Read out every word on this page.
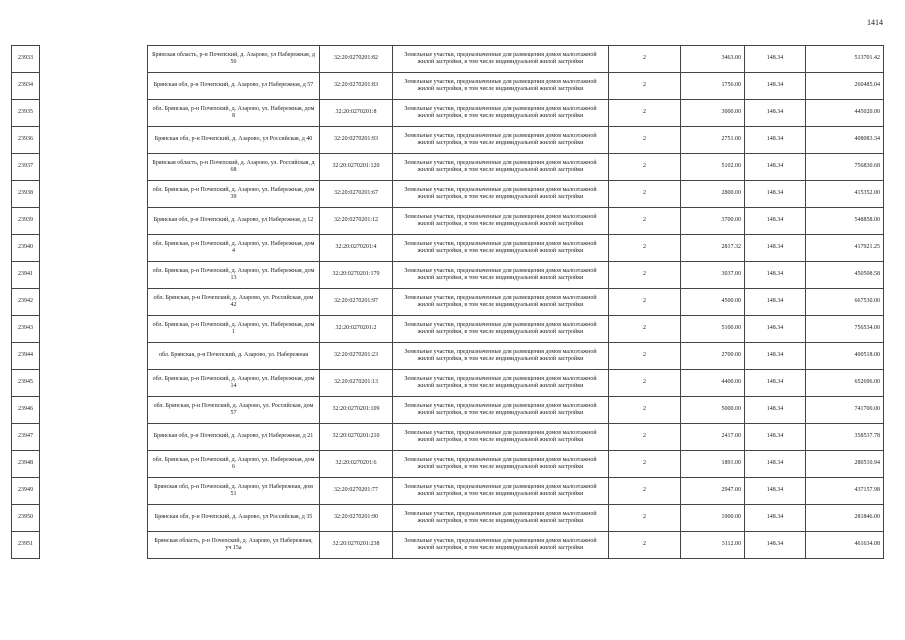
1414
23933		Брянская область, р-н Почепский, д. Азарово, ул Набережная, д 56	32:20:0270201:82	Земельные участки, предназначенные для размещения домов малоэтажной жилой застройки, в том числе индивидуальной жилой застройки	2	3463.00	148.34	513701.42
23934		Брянская обл, р-н Почепский, д. Азарово, ул Набережная, д 57	32:20:0270201:83	Земельные участки, предназначенные для размещения домов малоэтажной жилой застройки, в том числе индивидуальной жилой застройки	2	1756.00	148.34	260485.04
23935		обл. Брянская, р-н Почепский, д. Азарово, ул. Набережная, дом 8	32:20:0270201:8	Земельные участки, предназначенные для размещения домов малоэтажной жилой застройки, в том числе индивидуальной жилой застройки	2	3000.00	148.34	445020.00
23936		Брянская обл, р-н Почепский, д. Азарово, ул Российская, д 40	32:20:0270201:93	Земельные участки, предназначенные для размещения домов малоэтажной жилой застройки, в том числе индивидуальной жилой застройки	2	2751.00	148.34	408083.34
23937		Брянская область, р-н Почепский, д. Азарово, ул. Российская, д 68	32:20:0270201:120	Земельные участки, предназначенные для размещения домов малоэтажной жилой застройки, в том числе индивидуальной жилой застройки	2	5102.00	148.34	756830.68
23938		обл. Брянская, р-н Почепский, д. Азарово, ул. Набережная, дом 39	32:20:0270201:67	Земельные участки, предназначенные для размещения домов малоэтажной жилой застройки, в том числе индивидуальной жилой застройки	2	2800.00	148.34	415352.00
23939		Брянская обл, р-н Почепский, д. Азарово, ул Набережная, д 12	32:20:0270201:12	Земельные участки, предназначенные для размещения домов малоэтажной жилой застройки, в том числе индивидуальной жилой застройки	2	3700.00	148.34	548858.00
23940		обл. Брянская, р-н Почепский, д. Азарово, ул. Набережная, дом 4	32:20:0270201:4	Земельные участки, предназначенные для размещения домов малоэтажной жилой застройки, в том числе индивидуальной жилой застройки	2	2817.32	148.34	417921.25
23941		обл. Брянская, р-н Почепский, д. Азарово, ул. Набережная, дом 13	32:20:0270201:179	Земельные участки, предназначенные для размещения домов малоэтажной жилой застройки, в том числе индивидуальной жилой застройки	2	3037.00	148.34	450508.58
23942		обл. Брянская, р-н Почепский, д. Азарово, ул. Российская, дом 42	32:20:0270201:97	Земельные участки, предназначенные для размещения домов малоэтажной жилой застройки, в том числе индивидуальной жилой застройки	2	4500.00	148.34	667530.00
23943		обл. Брянская, р-н Почепский, д. Азарово, ул. Набережная, дом 1	32:20:0270201:2	Земельные участки, предназначенные для размещения домов малоэтажной жилой застройки, в том числе индивидуальной жилой застройки	2	5100.00	148.34	756534.00
23944		обл. Брянская, р-н Почепский, д. Азарово, ул. Набережная	32:20:0270201:23	Земельные участки, предназначенные для размещения домов малоэтажной жилой застройки, в том числе индивидуальной жилой застройки	2	2700.00	148.34	400518.00
23945		обл. Брянская, р-н Почепский, д. Азарово, ул. Набережная, дом 14	32:20:0270201:13	Земельные участки, предназначенные для размещения домов малоэтажной жилой застройки, в том числе индивидуальной жилой застройки	2	4400.00	148.34	652696.00
23946		обл. Брянская, р-н Почепский, д. Азарово, ул. Российская, дом 57	32:20:0270201:109	Земельные участки, предназначенные для размещения домов малоэтажной жилой застройки, в том числе индивидуальной жилой застройки	2	5000.00	148.34	741700.00
23947		Брянская обл, р-н Почепский, д. Азарово, ул Набережная, д 21	32:20:0270201:210	Земельные участки, предназначенные для размещения домов малоэтажной жилой застройки, в том числе индивидуальной жилой застройки	2	2417.00	148.34	358537.78
23948		обл. Брянская, р-н Почепский, д. Азарово, ул. Набережная, дом 6	32:20:0270201:6	Земельные участки, предназначенные для размещения домов малоэтажной жилой застройки, в том числе индивидуальной жилой застройки	2	1891.00	148.34	280510.94
23949		Брянская обл, р-н Почепский, д. Азарово, ул Набережная, дом 51	32:20:0270201:77	Земельные участки, предназначенные для размещения домов малоэтажной жилой застройки, в том числе индивидуальной жилой застройки	2	2947.00	148.34	437157.98
23950		Брянская обл, р-н Почепский, д. Азарово, ул Российская, д 35	32:20:0270201:90	Земельные участки, предназначенные для размещения домов малоэтажной жилой застройки, в том числе индивидуальной жилой застройки	2	1900.00	148.34	281846.00
23951		Брянская область, р-н Почепский, д. Азарово, ул Набережная, уч 15а	32:20:0270201:238	Земельные участки, предназначенные для размещения домов малоэтажной жилой застройки, в том числе индивидуальной жилой застройки	2	3112.00	148.34	461634.08
